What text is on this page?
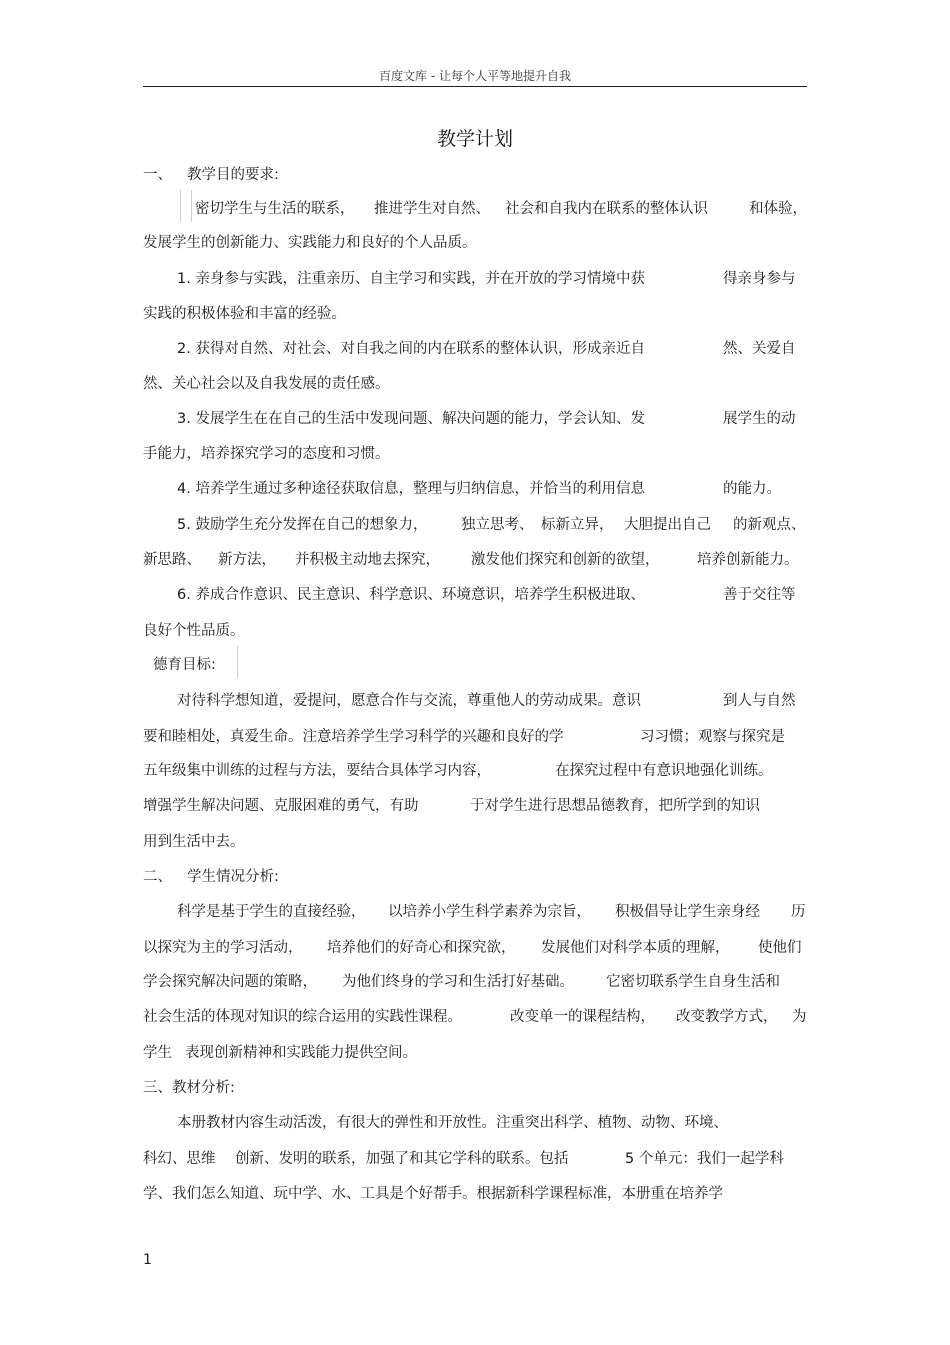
百度文库 - 让每个人平等地提升自我
教学计划
一、 教学目的要求:
密切学生与生活的联系， 推进学生对自然、 社会和自我内在联系的整体认识	和体验，
发展学生的创新能力、实践能力和良好的个人品质。
1. 亲身参与实践，注重亲历、自主学习和实践，并在开放的学习情境中获	得亲身参与
实践的积极体验和丰富的经验。
2. 获得对自然、对社会、对自我之间的内在联系的整体认识，形成亲近自	然、关爱自
然、关心社会以及自我发展的责任感。
3. 发展学生在在自己的生活中发现问题、解决问题的能力，学会认知、发	展学生的动
手能力，培养探究学习的态度和习惯。
4. 培养学生通过多种途径获取信息，整理与归纳信息，并恰当的利用信息	的能力。
5. 鼓励学生充分发挥在自己的想象力， 独立思考、 标新立异， 大胆提出自己 的新观点、
新思路、 新方法， 并积极主动地去探究， 激发他们探究和创新的欲望，	培养创新能力。
6. 养成合作意识、民主意识、科学意识、环境意识，培养学生积极进取、	善于交往等
良好个性品质。
德育目标:
对待科学想知道，爱提问，愿意合作与交流，尊重他人的劳动成果。意识	到人与自然
要和睦相处，真爱生命。注意培养学生学习科学的兴趣和良好的学	习习惯；观察与探究是
五年级集中训练的过程与方法，要结合具体学习内容，	在探究过程中有意识地强化训练。
增强学生解决问题、克服困难的勇气，有助	于对学生进行思想品德教育，把所学到的知识
用到生活中去。
二、 学生情况分析:
科学是基于学生的直接经验， 以培养小学生科学素养为宗旨， 积极倡导让学生亲身经 历
以探究为主的学习活动， 培养他们的好奇心和探究欲， 发展他们对科学本质的理解， 使他们
学会探究解决问题的策略， 为他们终身的学习和生活打好基础。 它密切联系学生自身生活和
社会生活的体现对知识的综合运用的实践性课程。	改变单一的课程结构， 改变教学方式， 为
学生 表现创新精神和实践能力提供空间。
三、教材分析:
本册教材内容生动活泼，有很大的弹性和开放性。注重突出科学、植物、动物、环境、
科幻、思维 创新、发明的联系，加强了和其它学科的联系。包括	5 个单元：我们一起学科
学、我们怎么知道、玩中学、水、工具是个好帮手。根据新科学课程标准，本册重在培养学
1
